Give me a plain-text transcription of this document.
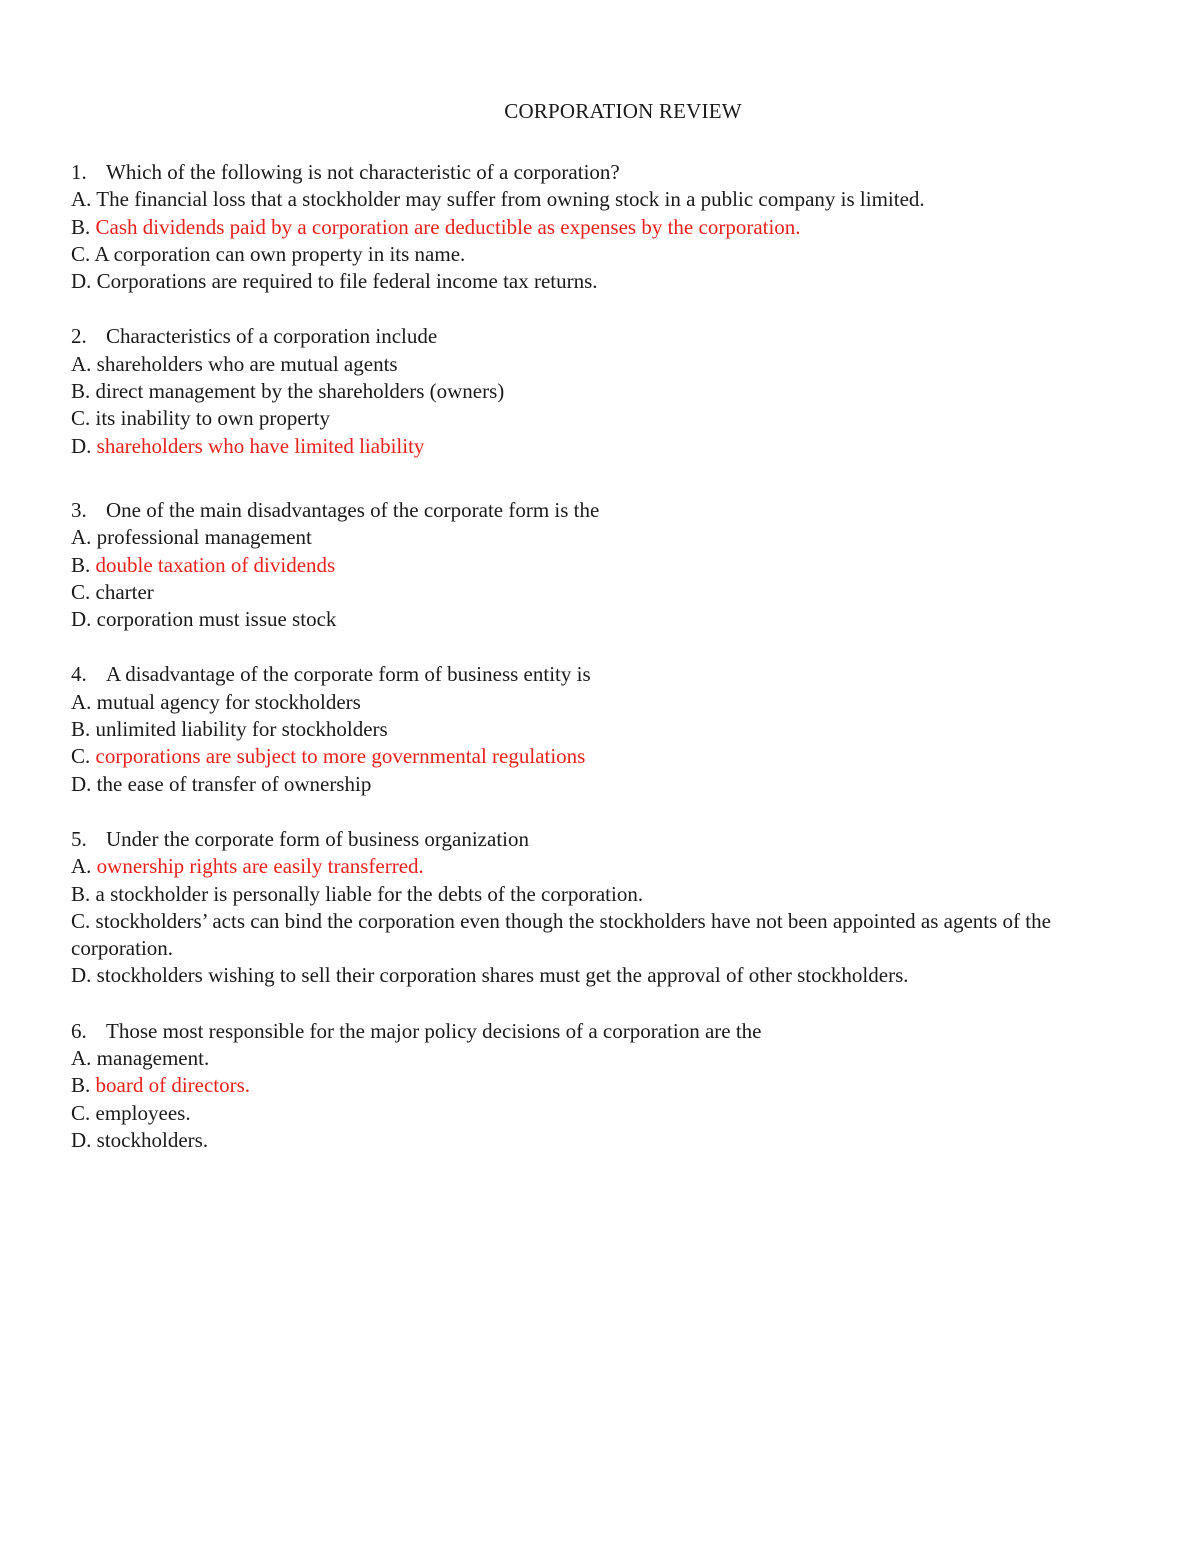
CORPORATION REVIEW
1. Which of the following is not characteristic of a corporation?
A. The financial loss that a stockholder may suffer from owning stock in a public company is limited.
B. Cash dividends paid by a corporation are deductible as expenses by the corporation.
C. A corporation can own property in its name.
D. Corporations are required to file federal income tax returns.
2. Characteristics of a corporation include
A. shareholders who are mutual agents
B. direct management by the shareholders (owners)
C. its inability to own property
D. shareholders who have limited liability
3. One of the main disadvantages of the corporate form is the
A. professional management
B. double taxation of dividends
C. charter
D. corporation must issue stock
4. A disadvantage of the corporate form of business entity is
A. mutual agency for stockholders
B. unlimited liability for stockholders
C. corporations are subject to more governmental regulations
D. the ease of transfer of ownership
5. Under the corporate form of business organization
A. ownership rights are easily transferred.
B. a stockholder is personally liable for the debts of the corporation.
C. stockholders’ acts can bind the corporation even though the stockholders have not been appointed as agents of the corporation.
D. stockholders wishing to sell their corporation shares must get the approval of other stockholders.
6. Those most responsible for the major policy decisions of a corporation are the
A. management.
B. board of directors.
C. employees.
D. stockholders.
